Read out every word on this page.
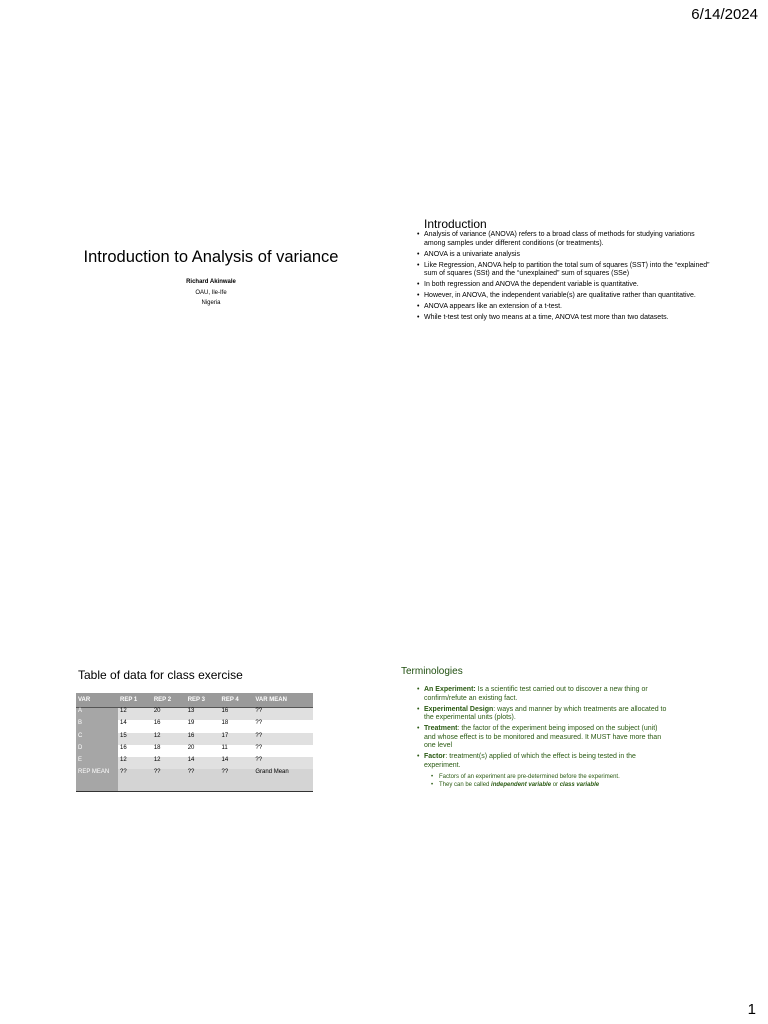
6/14/2024
Introduction to Analysis of variance

Richard Akinwale

OAU, Ile-Ife

Nigeria

Introduction
• Analysis of variance (ANOVA) refers to a broad class of methods for studying variations among samples under different conditions (or treatments).
• ANOVA is a univariate analysis
• Like Regression, ANOVA help to partition the total sum of squares (SST) into the “explained” sum of squares (SSt) and the “unexplained” sum of squares (SSe)
• In both regression and ANOVA the dependent variable is quantitative.
• However, in ANOVA, the independent variable(s) are qualitative rather than quantitative.
• ANOVA appears like an extension of a t-test.
• While t-test test only two means at a time, ANOVA test more than two datasets.
Table of data for class exercise
VAR	REP 1	REP 2	REP 3	REP 4	VAR MEAN
A	12	20	13	16	??
B	14	16	19	18	??
C	15	12	16	17	??
D	16	18	20	11	??
E	12	12	14	14	??
REP MEAN	??	??	??	??	Grand Mean
Terminologies
• An Experiment: Is a scientific test carried out to discover a new thing or confirm/refute an existing fact.
• Experimental Design: ways and manner by which treatments are allocated to the experimental units (plots).
• Treatment: the factor of the experiment being imposed on the subject (unit) and whose effect is to be monitored and measured. It MUST have more than one level
• Factor: treatment(s) applied of which the effect is being tested in the experiment.
• Factors of an experiment are pre-determined before the experiment.
• They can be called independent variable or class variable
1
